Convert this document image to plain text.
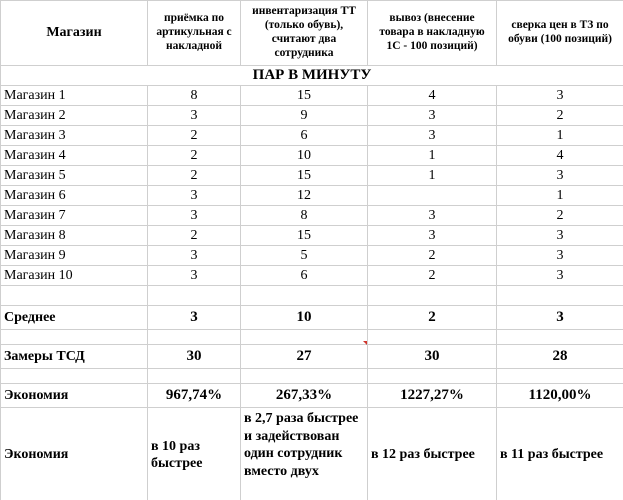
Магазин	приёмка по артикульная с накладной	инвентаризация ТТ (только обувь), считают два сотрудника	вывоз (внесение товара в накладную 1С - 100 позиций)	сверка цен в ТЗ по обуви (100 позиций)
ПАР В МИНУТУ				
Магазин 1	8	15	4	3
Магазин 2	3	9	3	2
Магазин 3	2	6	3	1
Магазин 4	2	10	1	4
Магазин 5	2	15	1	3
Магазин 6	3	12		1
Магазин 7	3	8	3	2
Магазин 8	2	15	3	3
Магазин 9	3	5	2	3
Магазин 10	3	6	2	3

Среднее	3	10	2	3

Замеры ТСД	30	27	30	28

Экономия	967,74%	267,33%	1227,27%	1120,00%
Экономия	в 10 раз быстрее	в 2,7 раза быстрее и задействован один сотрудник вместо двух	в 12 раз быстрее	в 11 раз быстрее
